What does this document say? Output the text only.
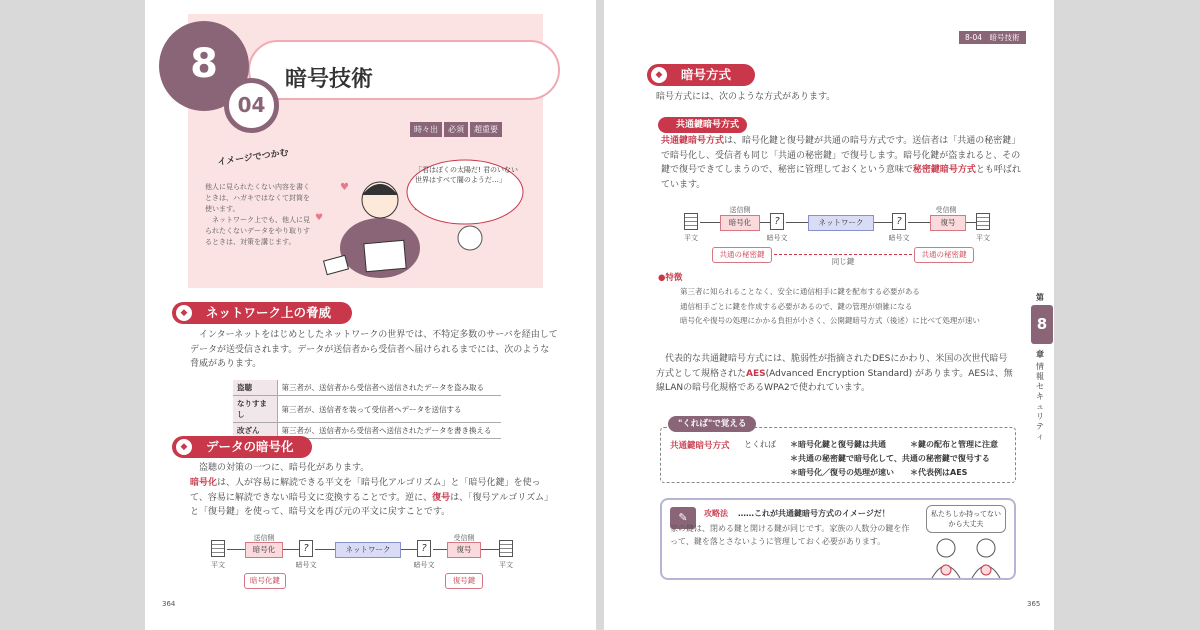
8
04
暗号技術
時々出	必須	超重要
イメージでつかむ
他人に見られたくない内容を書くときは、ハガキではなくて封筒を使います。
　ネットワーク上でも、他人に見られたくないデータをやり取りするときは、対策を講じます。
♥
♥
「君はぼくの太陽だ! 君のいない世界はすべて闇のようだ…」
◆	ネットワーク上の脅威
　インターネットをはじめとしたネットワークの世界では、不特定多数のサーバを経由してデータが送受信されます。データが送信者から受信者へ届けられるまでには、次のような脅威があります。
盗聴	第三者が、送信者から受信者へ送信されたデータを盗み取る
なりすまし	第三者が、送信者を装って受信者へデータを送信する
改ざん	第三者が、送信者から受信者へ送信されたデータを書き換える
◆	データの暗号化
　盗聴の対策の一つに、暗号化があります。
暗号化は、人が容易に解読できる平文を「暗号化アルゴリズム」と「暗号化鍵」を使って、容易に解読できない暗号文に変換することです。逆に、復号は、「復号アルゴリズム」と「復号鍵」を使って、暗号文を再び元の平文に戻すことです。
送信側	受信側
平文
暗号化	?
暗号文
ネットワーク	?
暗号文
復号
平文
暗号化鍵	復号鍵
364
8-04　暗号技術
◆	暗号方式
暗号方式には、次のような方式があります。
共通鍵暗号方式
共通鍵暗号方式は、暗号化鍵と復号鍵が共通の暗号方式です。送信者は「共通の秘密鍵」で暗号化し、受信者も同じ「共通の秘密鍵」で復号します。暗号化鍵が盗まれると、その鍵で復号できてしまうので、秘密に管理しておくという意味で秘密鍵暗号方式とも呼ばれています。
送信側	受信側
平文
暗号化	?
暗号文
ネットワーク	?
暗号文
復号
平文
共通の秘密鍵	共通の秘密鍵
同じ鍵
●特徴
第三者に知られることなく、安全に通信相手に鍵を配布する必要がある
通信相手ごとに鍵を作成する必要があるので、鍵の管理が煩雑になる
暗号化や復号の処理にかかる負担が小さく、公開鍵暗号方式（後述）に比べて処理が速い
　代表的な共通鍵暗号方式には、脆弱性が指摘されたDESにかわり、米国の次世代暗号方式として規格されたAES(Advanced Encryption Standard) があります。AESは、無線LANの暗号化規格であるWPA2で使われています。
"くれば"で覚える
共通鍵暗号方式 とくれば ＊暗号化鍵と復号鍵は共通	＊鍵の配布と管理に注意
＊共通の秘密鍵で暗号化して、共通の秘密鍵で復号する
＊暗号化／復号の処理が速い ＊代表例はAES
✎	攻略法 ……これが共通鍵暗号方式のイメージだ！
家の鍵は、閉める鍵と開ける鍵が同じです。家族の人数分の鍵を作って、鍵を落とさないように管理しておく必要があります。
私たちしか持ってないから大丈夫
365
第
8
章
情報セキュリティ
